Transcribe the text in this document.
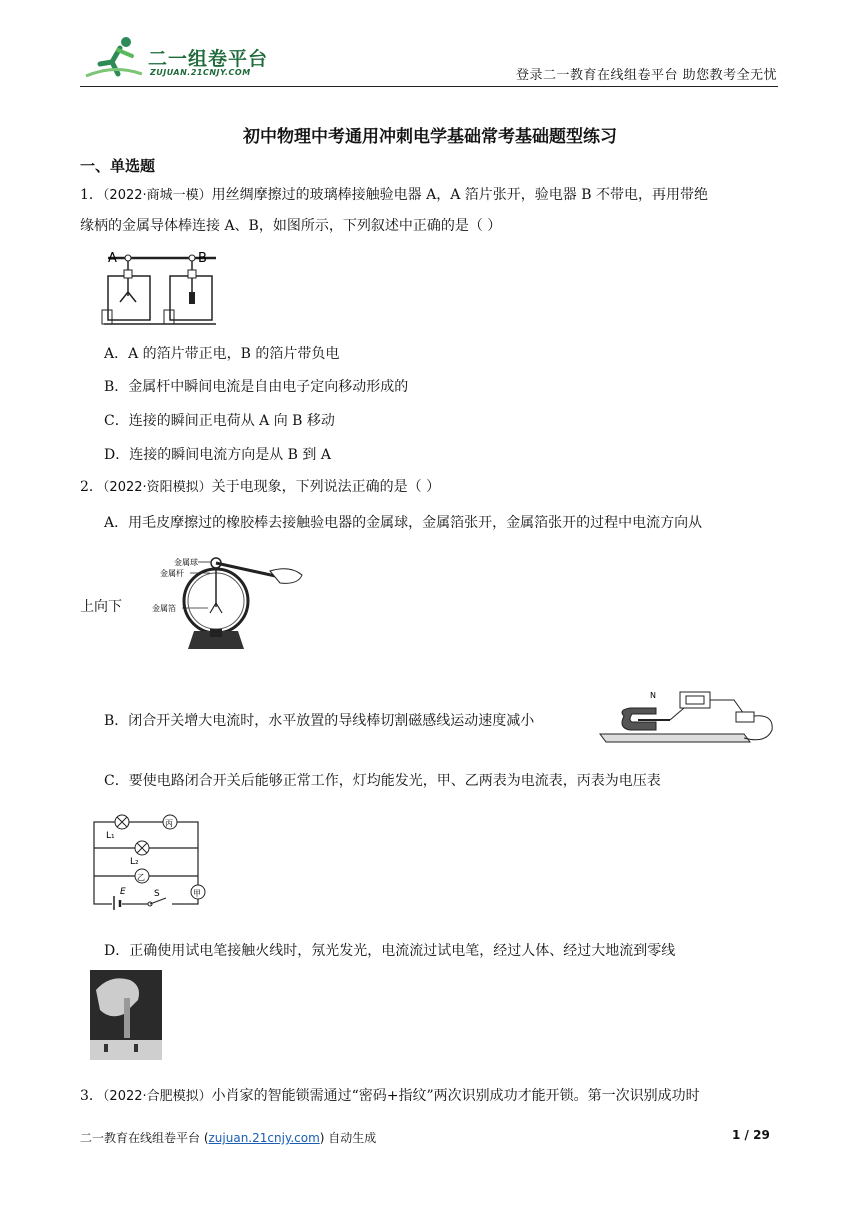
二一组卷平台
ZUJUAN.21CNJY.COM	登录二一教育在线组卷平台 助您教考全无忧
初中物理中考通用冲刺电学基础常考基础题型练习
一、单选题
1．（2022·商城一模）用丝绸摩擦过的玻璃棒接触验电器 A，A 箔片张开，验电器 B 不带电，再用带绝
缘柄的金属导体棒连接 A、B，如图所示，下列叙述中正确的是（ ）
A	B
A．A 的箔片带正电，B 的箔片带负电
B．金属杆中瞬间电流是自由电子定向移动形成的
C．连接的瞬间正电荷从 A 向 B 移动
D．连接的瞬间电流方向是从 B 到 A
2．（2022·资阳模拟）关于电现象，下列说法正确的是（ ）
A．用毛皮摩擦过的橡胶棒去接触验电器的金属球，金属箔张开，金属箔张开的过程中电流方向从
上向下
金属球
金属杆
金属箔
B．闭合开关增大电流时，水平放置的导线棒切割磁感线运动速度减小
N
C．要使电路闭合开关后能够正常工作，灯均能发光，甲、乙两表为电流表，丙表为电压表
丙
L₁
L₂
乙
甲
E	S
D．正确使用试电笔接触火线时，氖光发光，电流流过试电笔，经过人体、经过大地流到零线
3．（2022·合肥模拟）小肖家的智能锁需通过“密码+指纹”两次识别成功才能开锁。第一次识别成功时
二一教育在线组卷平台 (zujuan.21cnjy.com) 自动生成	1 / 29
